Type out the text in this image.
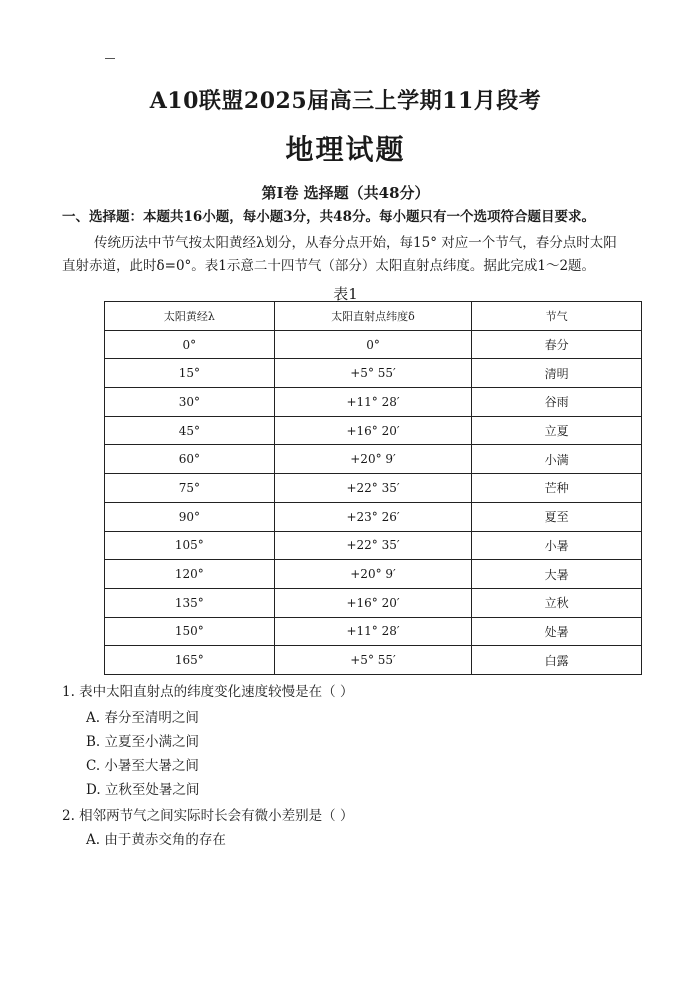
A10联盟2025届高三上学期11月段考
地理试题
第Ⅰ卷 选择题（共48分）
一、选择题：本题共16小题，每小题3分，共48分。每小题只有一个选项符合题目要求。
传统历法中节气按太阳黄经λ划分，从春分点开始，每15° 对应一个节气，春分点时太阳
直射赤道，此时δ=0°。表1示意二十四节气（部分）太阳直射点纬度。据此完成1～2题。
表1
太阳黄经λ	太阳直射点纬度δ	节气
0°	0°	春分
15°	+5° 55′	清明
30°	+11° 28′	谷雨
45°	+16° 20′	立夏
60°	+20° 9′	小满
75°	+22° 35′	芒种
90°	+23° 26′	夏至
105°	+22° 35′	小暑
120°	+20° 9′	大暑
135°	+16° 20′	立秋
150°	+11° 28′	处暑
165°	+5° 55′	白露
1. 表中太阳直射点的纬度变化速度较慢是在（ ）
A. 春分至清明之间
B. 立夏至小满之间
C. 小暑至大暑之间
D. 立秋至处暑之间
2. 相邻两节气之间实际时长会有微小差别是（ ）
A. 由于黄赤交角的存在
